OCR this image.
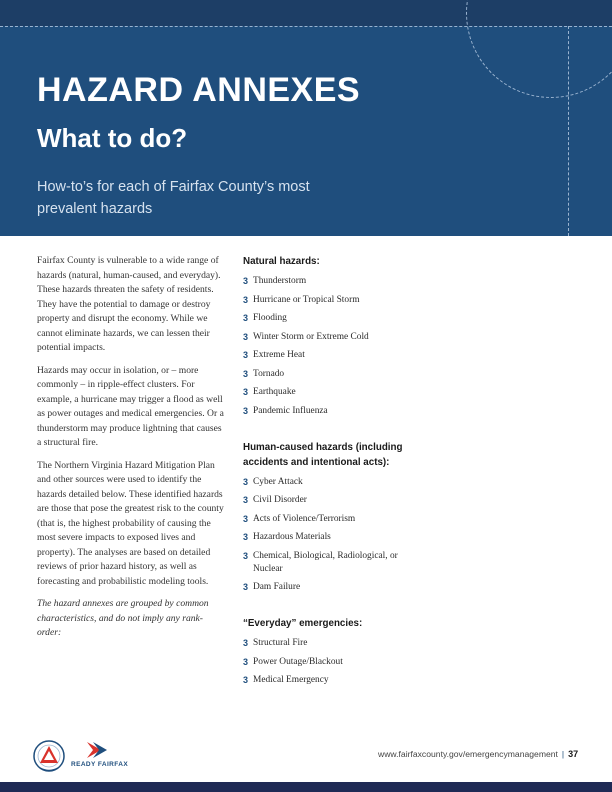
HAZARD ANNEXES
What to do?

How-to’s for each of Fairfax County’s most prevalent hazards

Fairfax County is vulnerable to a wide range of hazards (natural, human-caused, and everyday). These hazards threaten the safety of residents. They have the potential to damage or destroy property and disrupt the economy. While we cannot eliminate hazards, we can lessen their potential impacts.

Hazards may occur in isolation, or – more commonly – in ripple-effect clusters. For example, a hurricane may trigger a flood as well as power outages and medical emergencies. Or a thunderstorm may produce lightning that causes a structural fire.

The Northern Virginia Hazard Mitigation Plan and other sources were used to identify the hazards detailed below. These identified hazards are those that pose the greatest risk to the county (that is, the highest probability of causing the most severe impacts to exposed lives and property). The analyses are based on detailed reviews of prior hazard history, as well as forecasting and probabilistic modeling tools.

The hazard annexes are grouped by common characteristics, and do not imply any rank-order:

Natural hazards:
3 Thunderstorm
3 Hurricane or Tropical Storm
3 Flooding
3 Winter Storm or Extreme Cold
3 Extreme Heat
3 Tornado
3 Earthquake
3 Pandemic Influenza
Human-caused hazards (including accidents and intentional acts):
3 Cyber Attack
3 Civil Disorder
3 Acts of Violence/Terrorism
3 Hazardous Materials
3 Chemical, Biological, Radiological, or Nuclear
3 Dam Failure
“Everyday” emergencies:
3 Structural Fire
3 Power Outage/Blackout
3 Medical Emergency
READY FAIRFAX
www.fairfaxcounty.gov/emergencymanagement | 37
